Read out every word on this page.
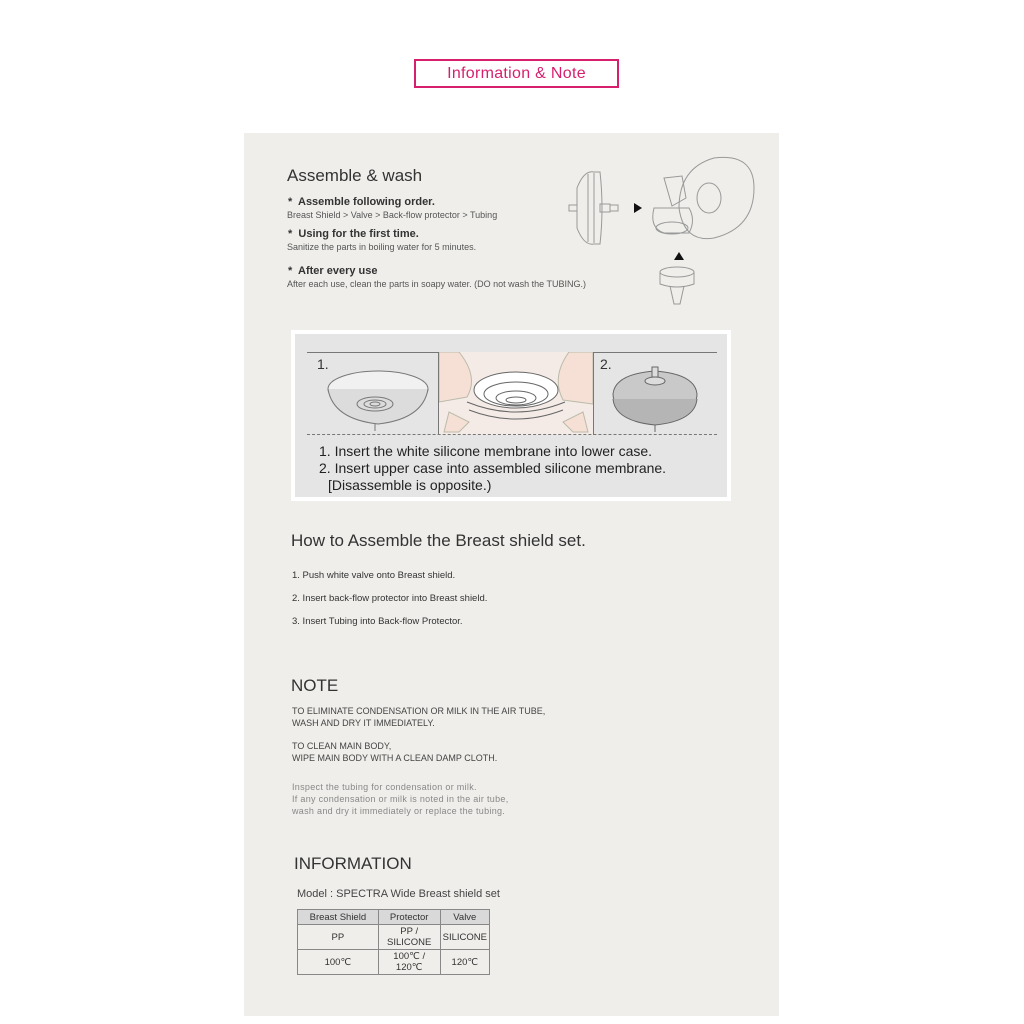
Information & Note
Assemble & wash
* Assemble following order.
Breast Shield > Valve > Back-flow protector > Tubing
* Using for the first time.
Sanitize the parts in boiling water for 5 minutes.
* After every use
After each use, clean the parts in soapy water. (DO not wash the TUBING.)
1.	2.
1. Insert the white silicone membrane into lower case.
2. Insert upper case into assembled silicone membrane.
[Disassemble is opposite.)
How to Assemble the Breast shield set.
1. Push white valve onto Breast shield.
2. Insert back-flow protector into Breast shield.
3. Insert Tubing into Back-flow Protector.
NOTE
TO ELIMINATE CONDENSATION OR MILK IN THE AIR TUBE,
WASH AND DRY IT IMMEDIATELY.
TO CLEAN MAIN BODY,
WIPE MAIN BODY WITH A CLEAN DAMP CLOTH.
Inspect the tubing for condensation or milk.
If any condensation or milk is noted in the air tube,
wash and dry it immediately or replace the tubing.
INFORMATION
Model : SPECTRA Wide Breast shield set
Breast Shield	Protector	Valve
PP	PP / SILICONE	SILICONE
100℃	100℃ / 120℃	120℃
